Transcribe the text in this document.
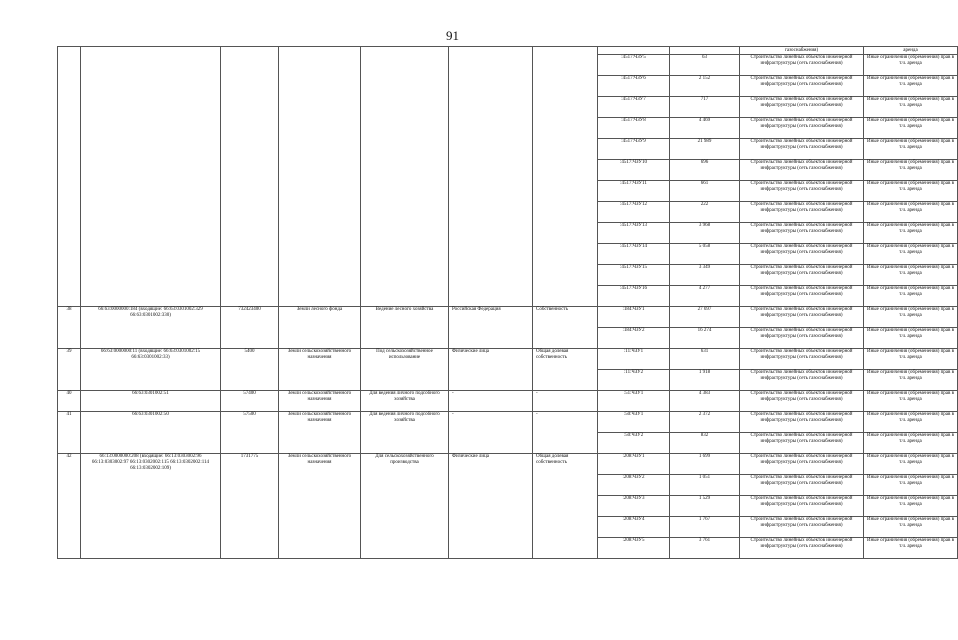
91
									газоснабжения)	аренда
							:4517:ЧЗУ5	63	Строительство линейных объектов инженерной инфраструктуры (сеть газоснабжения)	Иные ограничения (обременения) прав в т.ч. аренда
							:4517:ЧЗУ6	2 152	Строительство линейных объектов инженерной инфраструктуры (сеть газоснабжения)	Иные ограничения (обременения) прав в т.ч. аренда
							:4517:ЧЗУ7	717	Строительство линейных объектов инженерной инфраструктуры (сеть газоснабжения)	Иные ограничения (обременения) прав в т.ч. аренда
							:4517:ЧЗУ8	4 469	Строительство линейных объектов инженерной инфраструктуры (сеть газоснабжения)	Иные ограничения (обременения) прав в т.ч. аренда
							:4517:ЧЗУ9	21 989	Строительство линейных объектов инженерной инфраструктуры (сеть газоснабжения)	Иные ограничения (обременения) прав в т.ч. аренда
							:4517:ЧЗУ10	696	Строительство линейных объектов инженерной инфраструктуры (сеть газоснабжения)	Иные ограничения (обременения) прав в т.ч. аренда
							:4517:ЧЗУ11	661	Строительство линейных объектов инженерной инфраструктуры (сеть газоснабжения)	Иные ограничения (обременения) прав в т.ч. аренда
							:4517:ЧЗУ12	222	Строительство линейных объектов инженерной инфраструктуры (сеть газоснабжения)	Иные ограничения (обременения) прав в т.ч. аренда
							:4517:ЧЗУ13	3 968	Строительство линейных объектов инженерной инфраструктуры (сеть газоснабжения)	Иные ограничения (обременения) прав в т.ч. аренда
							:4517:ЧЗУ14	5 058	Строительство линейных объектов инженерной инфраструктуры (сеть газоснабжения)	Иные ограничения (обременения) прав в т.ч. аренда
							:4517:ЧЗУ15	3 349	Строительство линейных объектов инженерной инфраструктуры (сеть газоснабжения)	Иные ограничения (обременения) прав в т.ч. аренда
							:4517:ЧЗУ16	4 277	Строительство линейных объектов инженерной инфраструктуры (сеть газоснабжения)	Иные ограничения (обременения) прав в т.ч. аренда
38	66:63:0000000:184 (входящие: 66:63:0301002:329 66:63:0301002:330)	732423400	Земли лесного фонда	Ведение лесного хозяйства	Российская Федерация	Собственность	:184:ЧЗУ1	27 697	Строительство линейных объектов инженерной инфраструктуры (сеть газоснабжения)	Иные ограничения (обременения) прав в т.ч. аренда
							:184:ЧЗУ2	16 274	Строительство линейных объектов инженерной инфраструктуры (сеть газоснабжения)	Иные ограничения (обременения) прав в т.ч. аренда
39	66:63:0000000:11 (входящие: 66:63:0301002:15 66:63:0301002:33)	5400	Земли сельскохозяйственного назначения	Под сельскохозяйственное использование	Физические лица	Общая долевая собственность	:11:ЧЗУ1	631	Строительство линейных объектов инженерной инфраструктуры (сеть газоснабжения)	Иные ограничения (обременения) прав в т.ч. аренда
							:11:ЧЗУ2	1 918	Строительство линейных объектов инженерной инфраструктуры (сеть газоснабжения)	Иные ограничения (обременения) прав в т.ч. аренда
40	66:63:0301002:51	57400	Земли сельскохозяйственного назначения	Для ведения личного подсобного хозяйства	-	-	:51:ЧЗУ1	4 383	Строительство линейных объектов инженерной инфраструктуры (сеть газоснабжения)	Иные ограничения (обременения) прав в т.ч. аренда
41	66:63:0301002:50	57500	Земли сельскохозяйственного назначения	Для ведения личного подсобного хозяйства	-	-	:50:ЧЗУ1	2 372	Строительство линейных объектов инженерной инфраструктуры (сеть газоснабжения)	Иные ограничения (обременения) прав в т.ч. аренда
							:50:ЧЗУ2	832	Строительство линейных объектов инженерной инфраструктуры (сеть газоснабжения)	Иные ограничения (обременения) прав в т.ч. аренда
42	66:13:0000000:208 (входящие: 66:13:0303002:96 66:13:0303002:97 66:13:0302002:115 66:13:0302002:114 66:13:0302002:109)	1731775	Земли сельскохозяйственного назначения	Для сельскохозяйственного производства	Физические лица	Общая долевая собственность	:208:ЧЗУ1	1 699	Строительство линейных объектов инженерной инфраструктуры (сеть газоснабжения)	Иные ограничения (обременения) прав в т.ч. аренда
							:208:ЧЗУ2	1 051	Строительство линейных объектов инженерной инфраструктуры (сеть газоснабжения)	Иные ограничения (обременения) прав в т.ч. аренда
							:208:ЧЗУ3	1 529	Строительство линейных объектов инженерной инфраструктуры (сеть газоснабжения)	Иные ограничения (обременения) прав в т.ч. аренда
							:208:ЧЗУ4	1 767	Строительство линейных объектов инженерной инфраструктуры (сеть газоснабжения)	Иные ограничения (обременения) прав в т.ч. аренда
							:208:ЧЗУ5	3 761	Строительство линейных объектов инженерной инфраструктуры (сеть газоснабжения)	Иные ограничения (обременения) прав в т.ч. аренда
